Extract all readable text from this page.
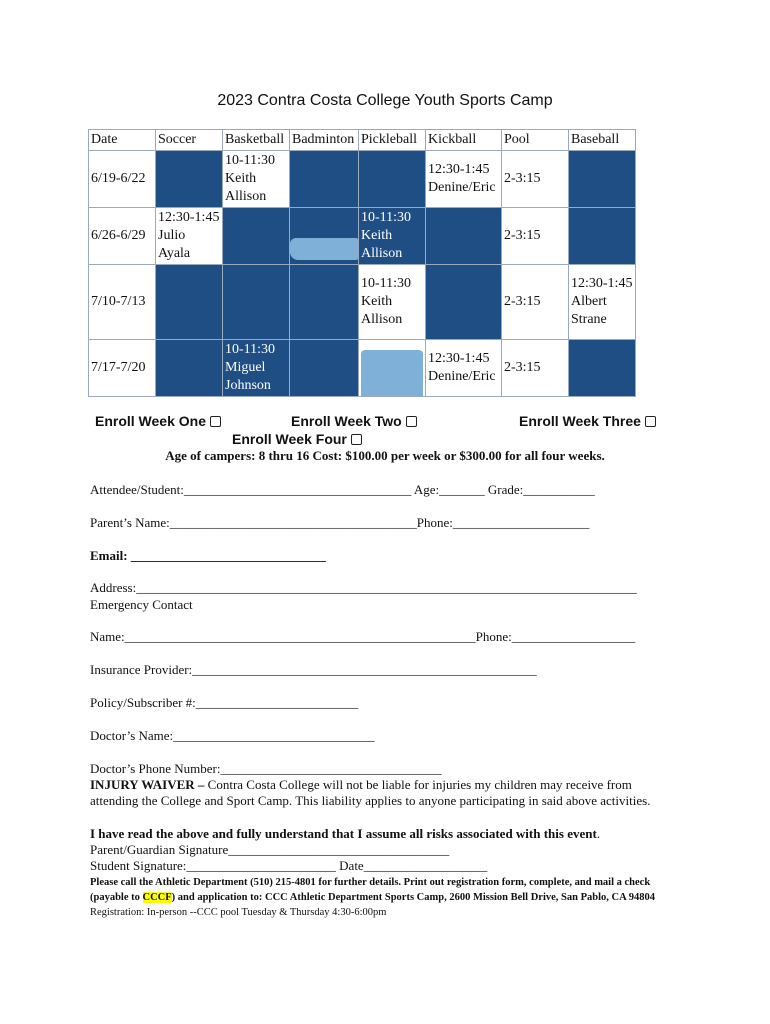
2023 Contra Costa College Youth Sports Camp
Date	Soccer	Basketball	Badminton	Pickleball	Kickball	Pool	Baseball
6/19-6/22		10-11:30 Keith Allison			12:30-1:45 Denine/Eric	2-3:15	
6/26-6/29	12:30-1:45 Julio Ayala			10-11:30 Keith Allison		2-3:15	
7/10-7/13				10-11:30 Keith Allison		2-3:15	12:30-1:45 Albert Strane
7/17-7/20		10-11:30 Miguel Johnson			12:30-1:45 Denine/Eric	2-3:15	
Enroll Week One	Enroll Week Two	Enroll Week Three
Enroll Week Four
Age of campers: 8 thru 16 Cost: $100.00 per week or $300.00 for all four weeks.
Attendee/Student:___________________________________ Age:_______ Grade:___________
Parent’s Name:______________________________________Phone:_____________________
Email: ______________________________
Address:_____________________________________________________________________________
Emergency Contact
Name:______________________________________________________Phone:___________________
Insurance Provider:_____________________________________________________
Policy/Subscriber #:_________________________
Doctor’s Name:_______________________________
Doctor’s Phone Number:__________________________________
INJURY WAIVER – Contra Costa College will not be liable for injuries my children may receive from attending the College and Sport Camp. This liability applies to anyone participating in said above activities.
I have read the above and fully understand that I assume all risks associated with this event.
Parent/Guardian Signature__________________________________
Student Signature:_______________________ Date___________________
Please call the Athletic Department (510) 215-4801 for further details. Print out registration form, complete, and mail a check (payable to CCCF) and application to: CCC Athletic Department Sports Camp, 2600 Mission Bell Drive, San Pablo, CA 94804 Registration: In-person --CCC pool Tuesday & Thursday 4:30-6:00pm
